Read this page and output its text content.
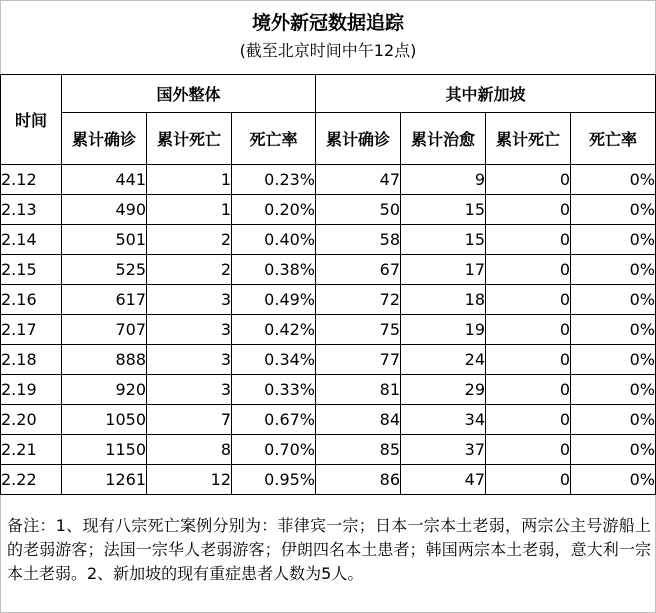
境外新冠数据追踪
(截至北京时间中午12点)
时间	国外整体			其中新加坡			
	累计确诊	累计死亡	死亡率	累计确诊	累计治愈	累计死亡	死亡率
2.12	441	1	0.23%	47	9	0	0%
2.13	490	1	0.20%	50	15	0	0%
2.14	501	2	0.40%	58	15	0	0%
2.15	525	2	0.38%	67	17	0	0%
2.16	617	3	0.49%	72	18	0	0%
2.17	707	3	0.42%	75	19	0	0%
2.18	888	3	0.34%	77	24	0	0%
2.19	920	3	0.33%	81	29	0	0%
2.20	1050	7	0.67%	84	34	0	0%
2.21	1150	8	0.70%	85	37	0	0%
2.22	1261	12	0.95%	86	47	0	0%
备注：1、现有八宗死亡案例分别为：菲律宾一宗；日本一宗本土老弱，两宗公主号游船上的老弱游客；法国一宗华人老弱游客；伊朗四名本土患者；韩国两宗本土老弱，意大利一宗本土老弱。2、新加坡的现有重症患者人数为5人。
